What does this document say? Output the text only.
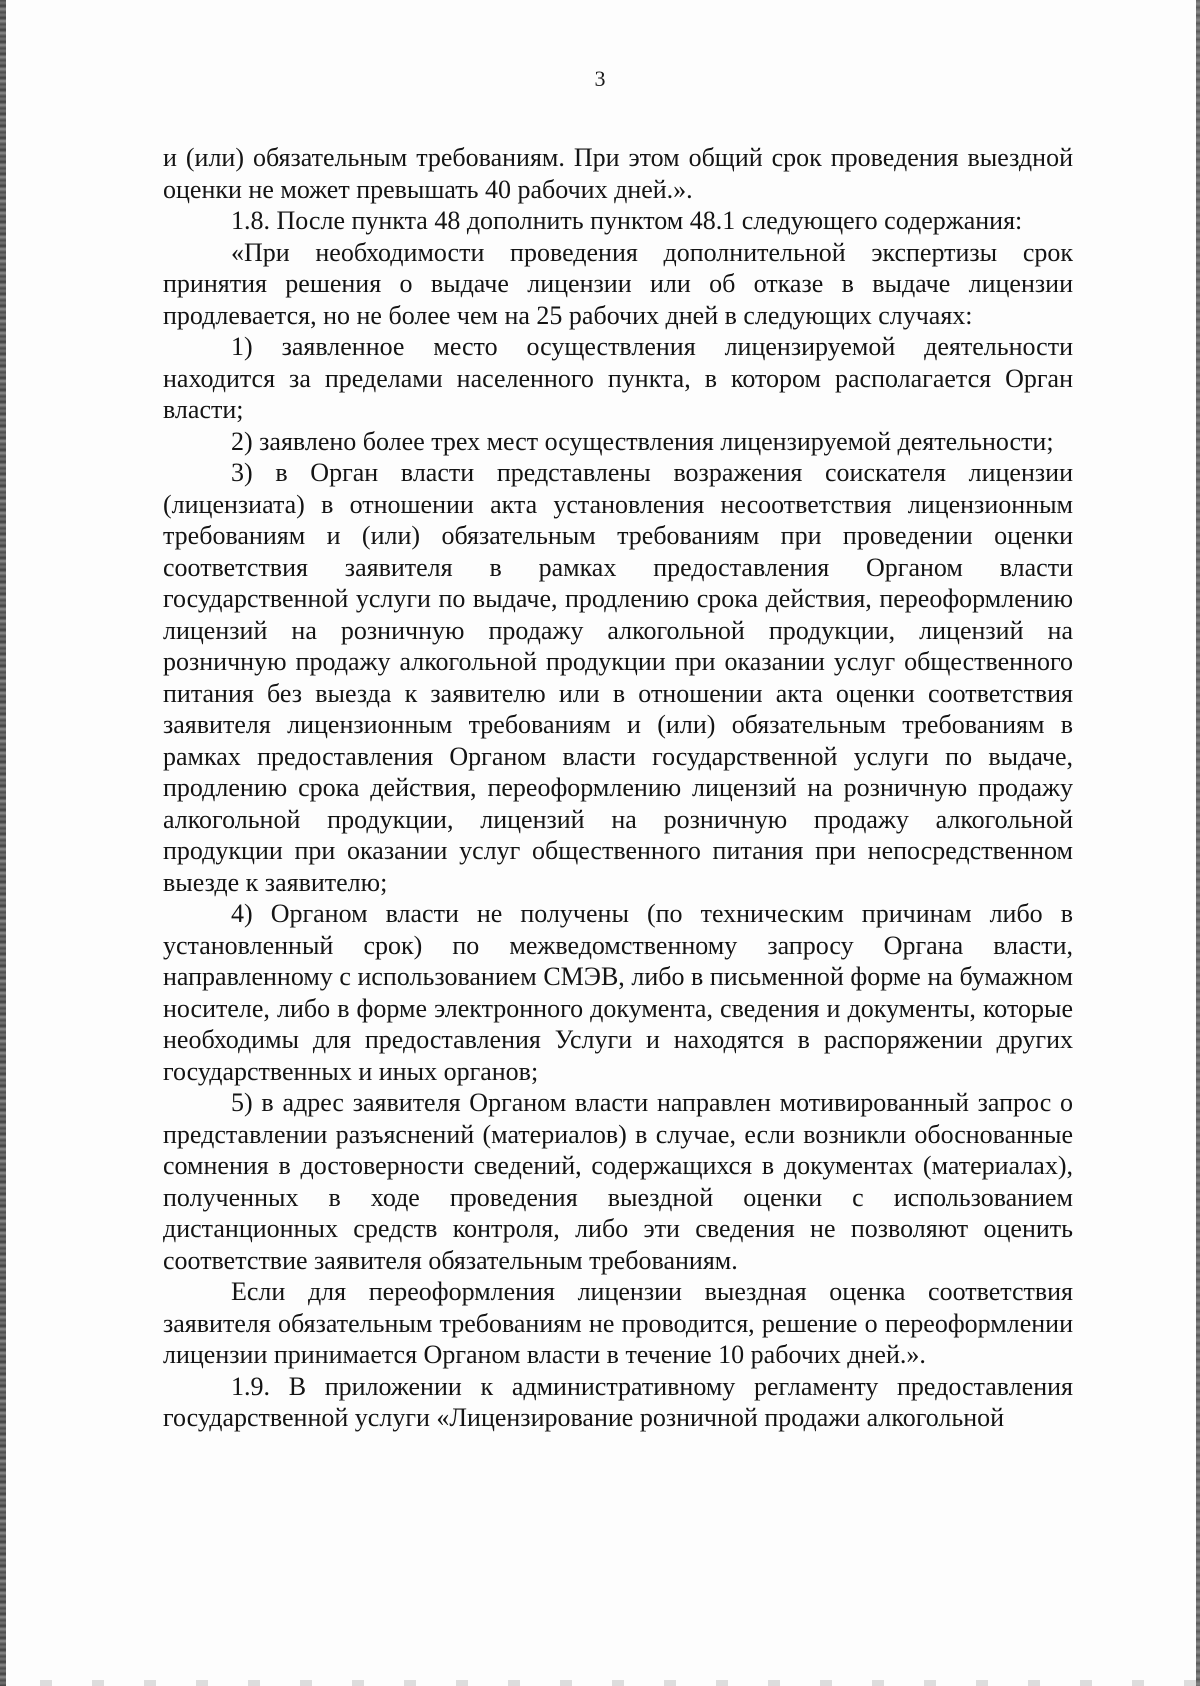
3

и (или) обязательным требованиям. При этом общий срок проведения выездной оценки не может превышать 40 рабочих дней.».

1.8. После пункта 48 дополнить пунктом 48.1 следующего содержания:

«При необходимости проведения дополнительной экспертизы срок принятия решения о выдаче лицензии или об отказе в выдаче лицензии продлевается, но не более чем на 25 рабочих дней в следующих случаях:

1) заявленное место осуществления лицензируемой деятельности находится за пределами населенного пункта, в котором располагается Орган власти;

2) заявлено более трех мест осуществления лицензируемой деятельности;

3) в Орган власти представлены возражения соискателя лицензии (лицензиата) в отношении акта установления несоответствия лицензионным требованиям и (или) обязательным требованиям при проведении оценки соответствия заявителя в рамках предоставления Органом власти государственной услуги по выдаче, продлению срока действия, переоформлению лицензий на розничную продажу алкогольной продукции, лицензий на розничную продажу алкогольной продукции при оказании услуг общественного питания без выезда к заявителю или в отношении акта оценки соответствия заявителя лицензионным требованиям и (или) обязательным требованиям в рамках предоставления Органом власти государственной услуги по выдаче, продлению срока действия, переоформлению лицензий на розничную продажу алкогольной продукции, лицензий на розничную продажу алкогольной продукции при оказании услуг общественного питания при непосредственном выезде к заявителю;

4) Органом власти не получены (по техническим причинам либо в установленный срок) по межведомственному запросу Органа власти, направленному с использованием СМЭВ, либо в письменной форме на бумажном носителе, либо в форме электронного документа, сведения и документы, которые необходимы для предоставления Услуги и находятся в распоряжении других государственных и иных органов;

5) в адрес заявителя Органом власти направлен мотивированный запрос о представлении разъяснений (материалов) в случае, если возникли обоснованные сомнения в достоверности сведений, содержащихся в документах (материалах), полученных в ходе проведения выездной оценки с использованием дистанционных средств контроля, либо эти сведения не позволяют оценить соответствие заявителя обязательным требованиям.

Если для переоформления лицензии выездная оценка соответствия заявителя обязательным требованиям не проводится, решение о переоформлении лицензии принимается Органом власти в течение 10 рабочих дней.».

1.9. В приложении к административному регламенту предоставления государственной услуги «Лицензирование розничной продажи алкогольной
